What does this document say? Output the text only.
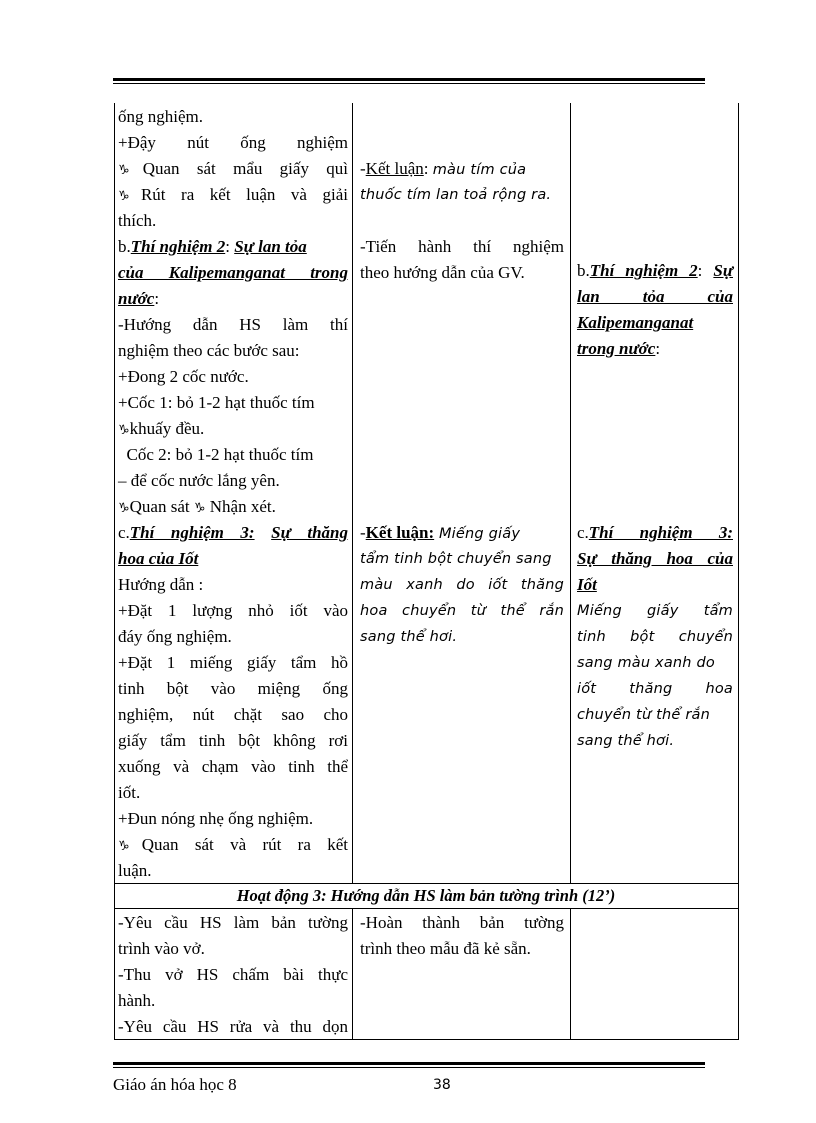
ống nghiệm.
+Đậy nút ống nghiệm
♑Quan sát mẩu giấy quì
♑Rút ra kết luận và giải
thích.
b.Thí nghiệm 2: Sự lan tỏa
của Kalipemanganat trong
nước:
-Hướng dẫn HS làm thí
nghiệm theo các bước sau:
+Đong 2 cốc nước.
+Cốc 1: bỏ 1-2 hạt thuốc tím
♑khuấy đều.
Cốc 2: bỏ 1-2 hạt thuốc tím
– để cốc nước lắng yên.
♑Quan sát ♑ Nhận xét.
c.Thí nghiệm 3: Sự thăng
hoa của Iốt
Hướng dẫn :
+Đặt 1 lượng nhỏ iốt vào
đáy ống nghiệm.
+Đặt 1 miếng giấy tẩm hồ
tinh bột vào miệng ống
nghiệm, nút chặt sao cho
giấy tẩm tinh bột không rơi
xuống và chạm vào tinh thể
iốt.
+Đun nóng nhẹ ống nghiệm.
♑Quan sát và rút ra kết
luận.
-Kết luận: màu tím của
thuốc tím lan toả rộng ra.
-Tiến hành thí nghiệm
theo hướng dẫn của GV.
-Kết luận: Miếng giấy
tẩm tinh bột chuyển sang
màu xanh do iốt thăng
hoa chuyển từ thể rắn
sang thể hơi.
b.Thí nghiệm 2: Sự
lan tỏa của
Kalipemanganat
trong nước:
c.Thí nghiệm 3:
Sự thăng hoa của
Iốt
Miếng giấy tẩm
tinh bột chuyển
sang màu xanh do
iốt thăng hoa
chuyển từ thể rắn
sang thể hơi.
Hoạt động 3: Hướng dẫn HS làm bản tường trình (12’)
-Yêu cầu HS làm bản tường
trình vào vở.
-Thu vở HS chấm bài thực
hành.
-Yêu cầu HS rửa và thu dọn
-Hoàn thành bản tường
trình theo mẫu đã kẻ sẵn.
Giáo án hóa học 8	38
